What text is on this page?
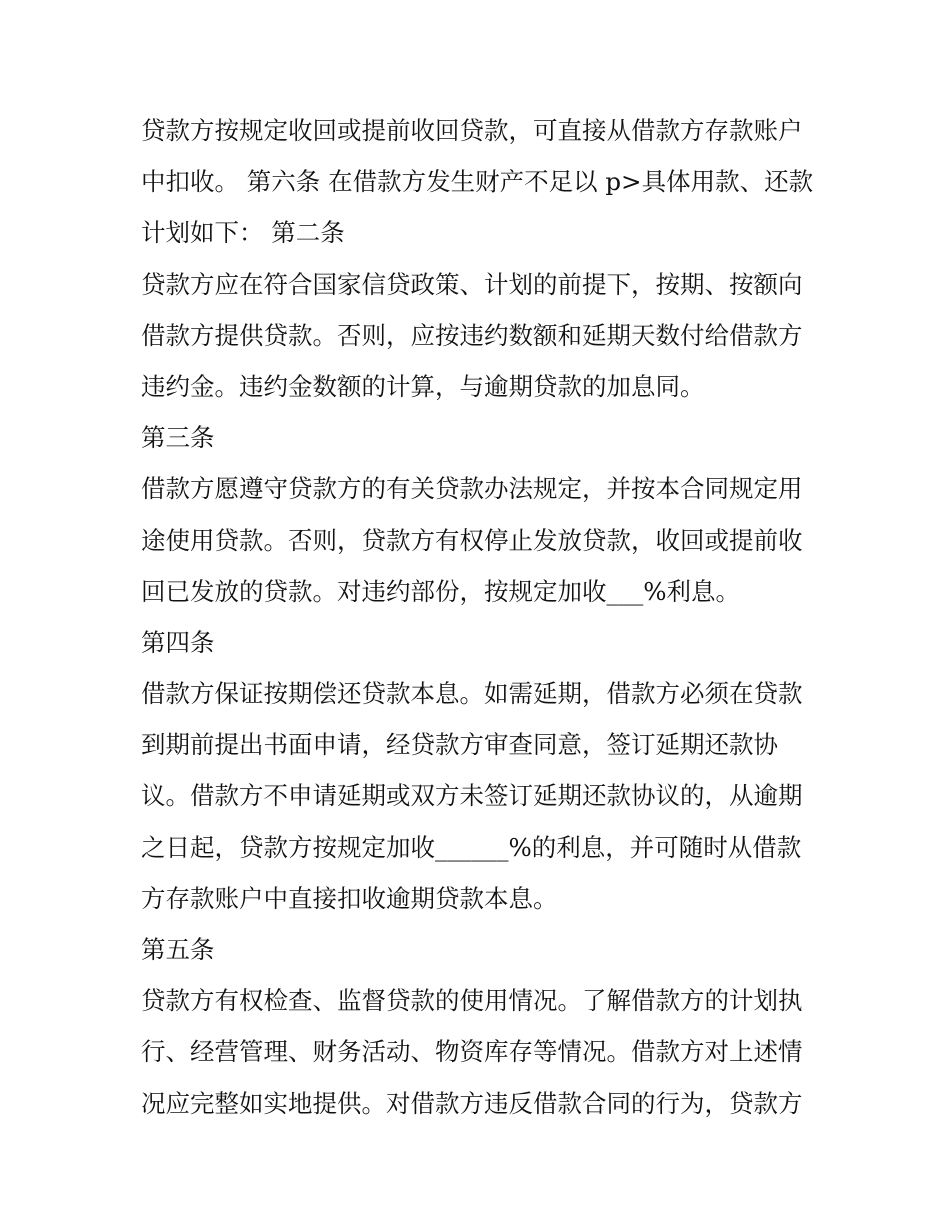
贷款方按规定收回或提前收回贷款，可直接从借款方存款账户
中扣收。 第六条 在借款方发生财产不足以 p>具体用款、还款
计划如下： 第二条
贷款方应在符合国家信贷政策、计划的前提下，按期、按额向
借款方提供贷款。否则，应按违约数额和延期天数付给借款方
违约金。违约金数额的计算，与逾期贷款的加息同。
第三条
借款方愿遵守贷款方的有关贷款办法规定，并按本合同规定用
途使用贷款。否则，贷款方有权停止发放贷款，收回或提前收
回已发放的贷款。对违约部份，按规定加收___%利息。
第四条
借款方保证按期偿还贷款本息。如需延期，借款方必须在贷款
到期前提出书面申请，经贷款方审查同意，签订延期还款协
议。借款方不申请延期或双方未签订延期还款协议的，从逾期
之日起，贷款方按规定加收______%的利息，并可随时从借款
方存款账户中直接扣收逾期贷款本息。
第五条
贷款方有权检查、监督贷款的使用情况。了解借款方的计划执
行、经营管理、财务活动、物资库存等情况。借款方对上述情
况应完整如实地提供。对借款方违反借款合同的行为，贷款方
